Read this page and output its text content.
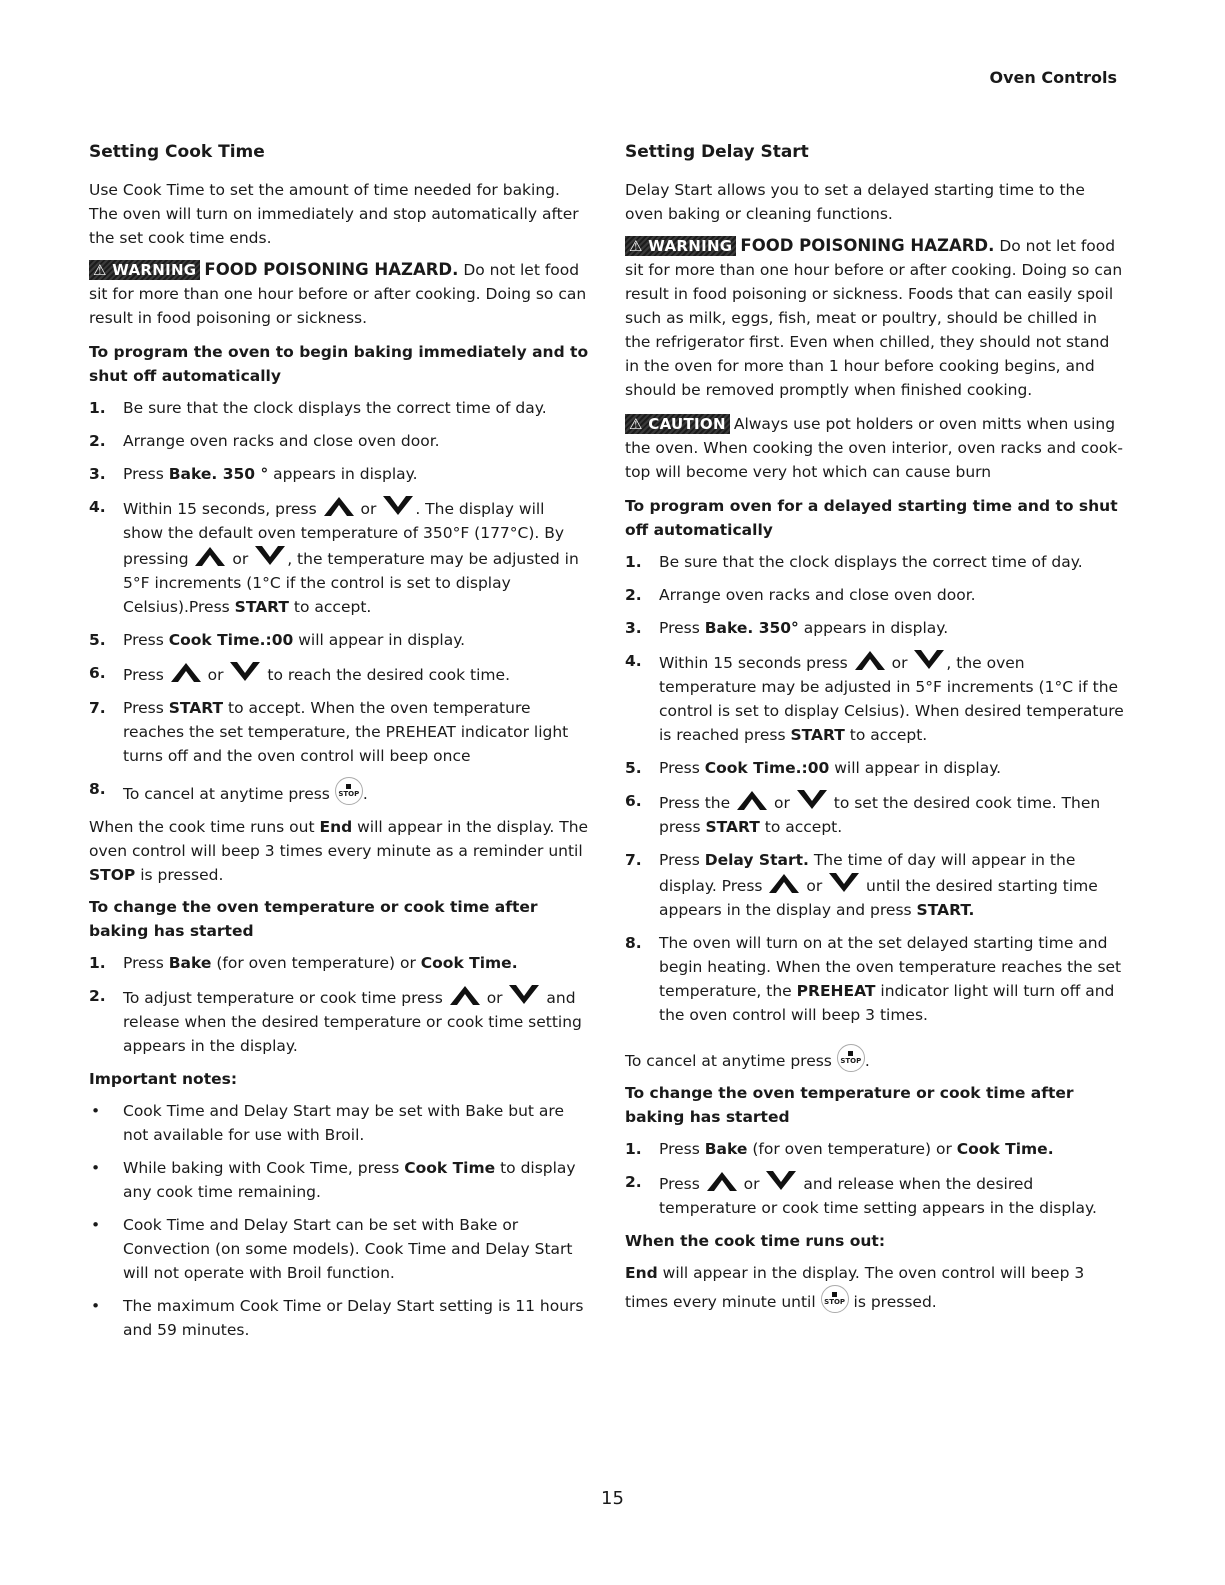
Oven Controls
Setting Cook Time

Use Cook Time to set the amount of time needed for baking. The oven will turn on immediately and stop automatically after the set cook time ends.

⚠ WARNING FOOD POISONING HAZARD. Do not let food sit for more than one hour before or after cooking. Doing so can result in food poisoning or sickness.

To program the oven to begin baking immediately and to shut off automatically
1. Be sure that the clock displays the correct time of day.
2. Arrange oven racks and close oven door.
3. Press Bake. 350 ° appears in display.
4. Within 15 seconds, press
or
. The display will show the default oven temperature of 350°F (177°C). By pressing
or
, the temperature may be adjusted in 5°F increments (1°C if the control is set to display Celsius).Press START to accept.
5. Press Cook Time.:00 will appear in display.
6. Press
or
to reach the desired cook time.
7. Press START to accept. When the oven temperature reaches the set temperature, the PREHEAT indicator light turns off and the oven control will beep once
8. To cancel at anytime press STOP .

When the cook time runs out End will appear in the display. The oven control will beep 3 times every minute as a reminder until STOP is pressed.

To change the oven temperature or cook time after baking has started
1. Press Bake (for oven temperature) or Cook Time.
2. To adjust temperature or cook time press
or
and release when the desired temperature or cook time setting appears in the display.
Important notes:
• Cook Time and Delay Start may be set with Bake but are not available for use with Broil.
• While baking with Cook Time, press Cook Time to display any cook time remaining.
• Cook Time and Delay Start can be set with Bake or Convection (on some models). Cook Time and Delay Start will not operate with Broil function.
• The maximum Cook Time or Delay Start setting is 11 hours and 59 minutes.
Setting Delay Start

Delay Start allows you to set a delayed starting time to the oven baking or cleaning functions.

⚠ WARNING FOOD POISONING HAZARD. Do not let food sit for more than one hour before or after cooking. Doing so can result in food poisoning or sickness. Foods that can easily spoil such as milk, eggs, fish, meat or poultry, should be chilled in the refrigerator first. Even when chilled, they should not stand in the oven for more than 1 hour before cooking begins, and should be removed promptly when finished cooking.

⚠ CAUTION Always use pot holders or oven mitts when using the oven. When cooking the oven interior, oven racks and cook-top will become very hot which can cause burn

To program oven for a delayed starting time and to shut off automatically
1. Be sure that the clock displays the correct time of day.
2. Arrange oven racks and close oven door.
3. Press Bake. 350° appears in display.
4. Within 15 seconds press
or
, the oven temperature may be adjusted in 5°F increments (1°C if the control is set to display Celsius). When desired temperature is reached press START to accept.
5. Press Cook Time.:00 will appear in display.
6. Press the
or
to set the desired cook time. Then press START to accept.
7. Press Delay Start. The time of day will appear in the display. Press
or
until the desired starting time appears in the display and press START.
8. The oven will turn on at the set delayed starting time and begin heating. When the oven temperature reaches the set temperature, the PREHEAT indicator light will turn off and the oven control will beep 3 times.

To cancel at anytime press STOP .

To change the oven temperature or cook time after baking has started
1. Press Bake (for oven temperature) or Cook Time.
2. Press
or
and release when the desired temperature or cook time setting appears in the display.
When the cook time runs out:

End will appear in the display. The oven control will beep 3 times every minute until STOP is pressed.

15
